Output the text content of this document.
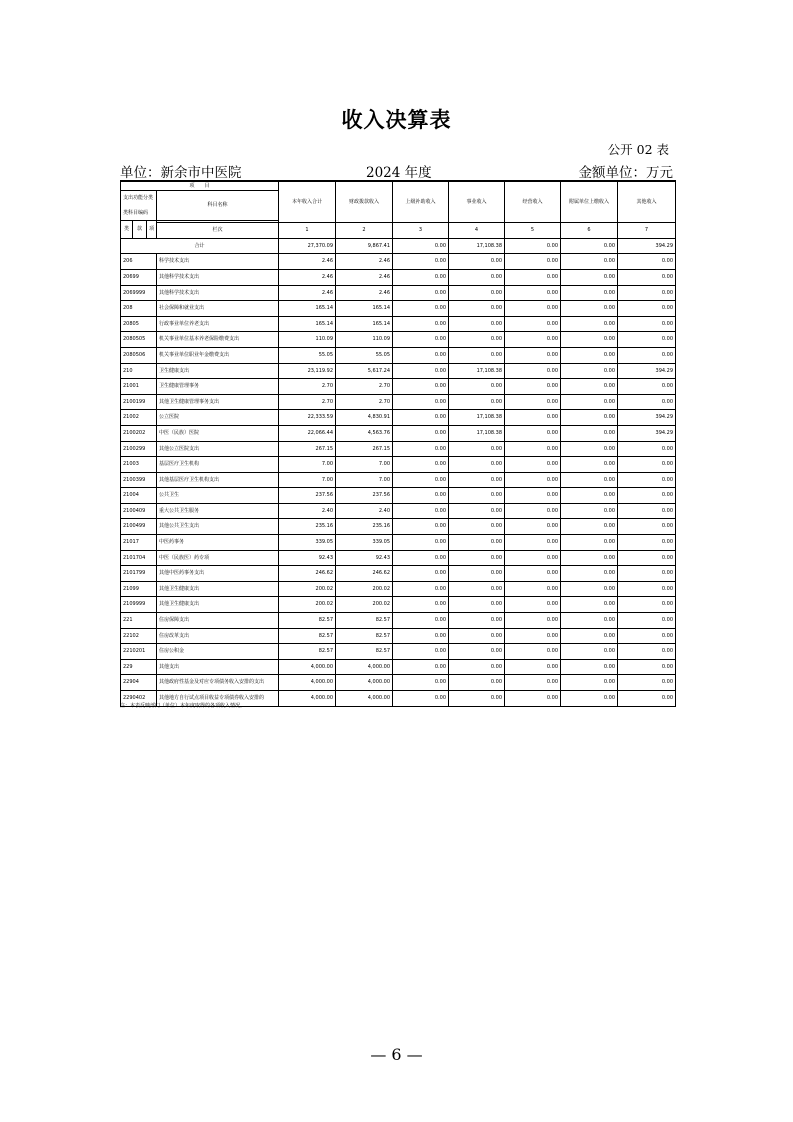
收入决算表
公开 02 表
单位：新余市中医院	2024 年度	金额单位：万元
项　　目				本年收入合计	财政拨款收入	上级补助收入	事业收入	经营收入	附属单位上缴收入	其他收入
支出功能分类			科目名称							
类科目编码										
类	款	项								
			栏次	1	2	3	4	5	6	7
合计				27,370.09	9,867.41	0.00	17,108.38	0.00	0.00	394.29
206			科学技术支出	2.46	2.46	0.00	0.00	0.00	0.00	0.00
20699			其他科学技术支出	2.46	2.46	0.00	0.00	0.00	0.00	0.00
2069999			其他科学技术支出	2.46	2.46	0.00	0.00	0.00	0.00	0.00
208			社会保障和就业支出	165.14	165.14	0.00	0.00	0.00	0.00	0.00
20805			行政事业单位养老支出	165.14	165.14	0.00	0.00	0.00	0.00	0.00
2080505			机关事业单位基本养老保险缴费支出	110.09	110.09	0.00	0.00	0.00	0.00	0.00
2080506			机关事业单位职业年金缴费支出	55.05	55.05	0.00	0.00	0.00	0.00	0.00
210			卫生健康支出	23,119.92	5,617.24	0.00	17,108.38	0.00	0.00	394.29
21001			卫生健康管理事务	2.70	2.70	0.00	0.00	0.00	0.00	0.00
2100199			其他卫生健康管理事务支出	2.70	2.70	0.00	0.00	0.00	0.00	0.00
21002			公立医院	22,333.59	4,830.91	0.00	17,108.38	0.00	0.00	394.29
2100202			中医（民族）医院	22,066.44	4,563.76	0.00	17,108.38	0.00	0.00	394.29
2100299			其他公立医院支出	267.15	267.15	0.00	0.00	0.00	0.00	0.00
21003			基层医疗卫生机构	7.00	7.00	0.00	0.00	0.00	0.00	0.00
2100399			其他基层医疗卫生机构支出	7.00	7.00	0.00	0.00	0.00	0.00	0.00
21004			公共卫生	237.56	237.56	0.00	0.00	0.00	0.00	0.00
2100409			重大公共卫生服务	2.40	2.40	0.00	0.00	0.00	0.00	0.00
2100499			其他公共卫生支出	235.16	235.16	0.00	0.00	0.00	0.00	0.00
21017			中医药事务	339.05	339.05	0.00	0.00	0.00	0.00	0.00
2101704			中医（民族医）药专项	92.43	92.43	0.00	0.00	0.00	0.00	0.00
2101799			其他中医药事务支出	246.62	246.62	0.00	0.00	0.00	0.00	0.00
21099			其他卫生健康支出	200.02	200.02	0.00	0.00	0.00	0.00	0.00
2109999			其他卫生健康支出	200.02	200.02	0.00	0.00	0.00	0.00	0.00
221			住房保障支出	82.57	82.57	0.00	0.00	0.00	0.00	0.00
22102			住房改革支出	82.57	82.57	0.00	0.00	0.00	0.00	0.00
2210201			住房公积金	82.57	82.57	0.00	0.00	0.00	0.00	0.00
229			其他支出	4,000.00	4,000.00	0.00	0.00	0.00	0.00	0.00
22904			其他政府性基金及对应专项债务收入安排的支出	4,000.00	4,000.00	0.00	0.00	0.00	0.00	0.00
2290402			其他地方自行试点项目收益专项债券收入安排的	4,000.00	4,000.00	0.00	0.00	0.00	0.00	0.00
注：本表反映部门（单位）本年度取得的各项收入情况。
— 6 —
